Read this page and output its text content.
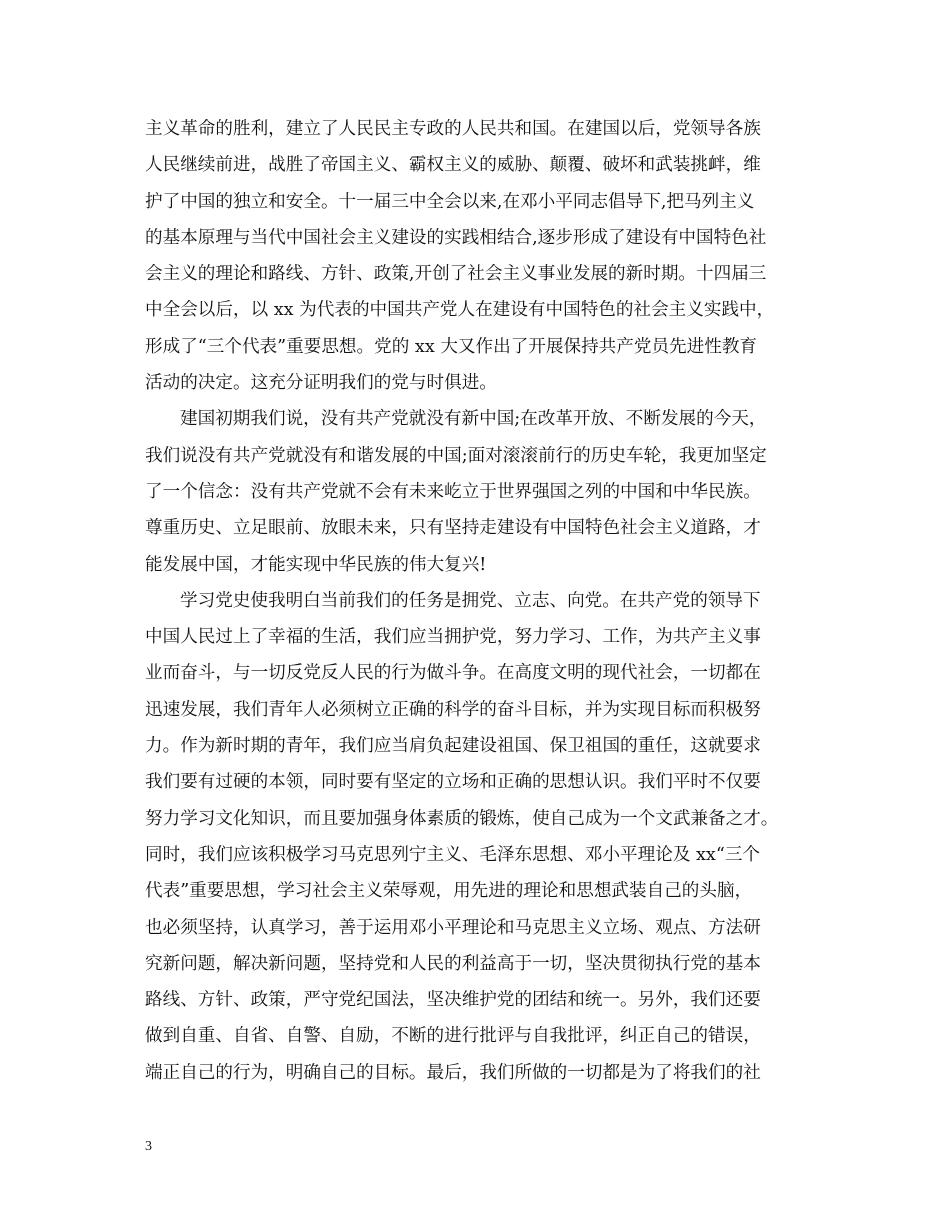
主义革命的胜利，建立了人民民主专政的人民共和国。在建国以后，党领导各族
人民继续前进，战胜了帝国主义、霸权主义的威胁、颠覆、破坏和武装挑衅，维
护了中国的独立和安全。十一届三中全会以来,在邓小平同志倡导下,把马列主义
的基本原理与当代中国社会主义建设的实践相结合,逐步形成了建设有中国特色社
会主义的理论和路线、方针、政策,开创了社会主义事业发展的新时期。十四届三
中全会以后，以 xx 为代表的中国共产党人在建设有中国特色的社会主义实践中，
形成了“三个代表”重要思想。党的 xx 大又作出了开展保持共产党员先进性教育
活动的决定。这充分证明我们的党与时俱进。
建国初期我们说，没有共产党就没有新中国;在改革开放、不断发展的今天，
我们说没有共产党就没有和谐发展的中国;面对滚滚前行的历史车轮，我更加坚定
了一个信念：没有共产党就不会有未来屹立于世界强国之列的中国和中华民族。
尊重历史、立足眼前、放眼未来，只有坚持走建设有中国特色社会主义道路，才
能发展中国，才能实现中华民族的伟大复兴!
学习党史使我明白当前我们的任务是拥党、立志、向党。在共产党的领导下
中国人民过上了幸福的生活，我们应当拥护党，努力学习、工作，为共产主义事
业而奋斗，与一切反党反人民的行为做斗争。在高度文明的现代社会，一切都在
迅速发展，我们青年人必须树立正确的科学的奋斗目标，并为实现目标而积极努
力。作为新时期的青年，我们应当肩负起建设祖国、保卫祖国的重任，这就要求
我们要有过硬的本领，同时要有坚定的立场和正确的思想认识。我们平时不仅要
努力学习文化知识，而且要加强身体素质的锻炼，使自己成为一个文武兼备之才。
同时，我们应该积极学习马克思列宁主义、毛泽东思想、邓小平理论及 xx“三个
代表”重要思想，学习社会主义荣辱观，用先进的理论和思想武装自己的头脑，
也必须坚持，认真学习，善于运用邓小平理论和马克思主义立场、观点、方法研
究新问题，解决新问题，坚持党和人民的利益高于一切，坚决贯彻执行党的基本
路线、方针、政策，严守党纪国法，坚决维护党的团结和统一。另外，我们还要
做到自重、自省、自警、自励，不断的进行批评与自我批评，纠正自己的错误，
端正自己的行为，明确自己的目标。最后，我们所做的一切都是为了将我们的社
3
